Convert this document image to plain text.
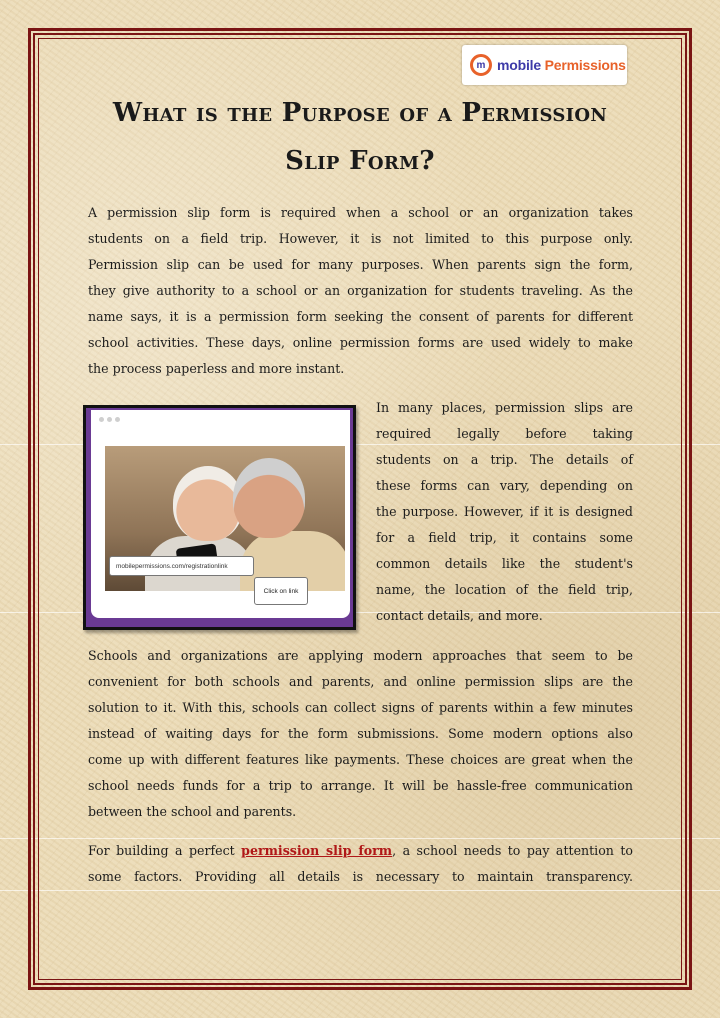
m mobile Permissions
What is the Purpose of a Permission
Slip Form?
A permission slip form is required when a school or an organization takes
students on a field trip. However, it is not limited to this purpose only.
Permission slip can be used for many purposes. When parents sign the form,
they give authority to a school or an organization for students traveling. As the
name says, it is a permission form seeking the consent of parents for different
school activities. These days, online permission forms are used widely to make
the process paperless and more instant.
mobilepermissions.com/registrationlink
Click on link
In many places, permission slips are
required legally before taking
students on a trip. The details of
these forms can vary, depending on
the purpose. However, if it is designed
for a field trip, it contains some
common details like the student's
name, the location of the field trip,
contact details, and more.
Schools and organizations are applying modern approaches that seem to be
convenient for both schools and parents, and online permission slips are the
solution to it. With this, schools can collect signs of parents within a few minutes
instead of waiting days for the form submissions. Some modern options also
come up with different features like payments. These choices are great when the
school needs funds for a trip to arrange. It will be hassle-free communication
between the school and parents.
For building a perfect permission slip form, a school needs to pay attention to
some factors. Providing all details is necessary to maintain transparency.
